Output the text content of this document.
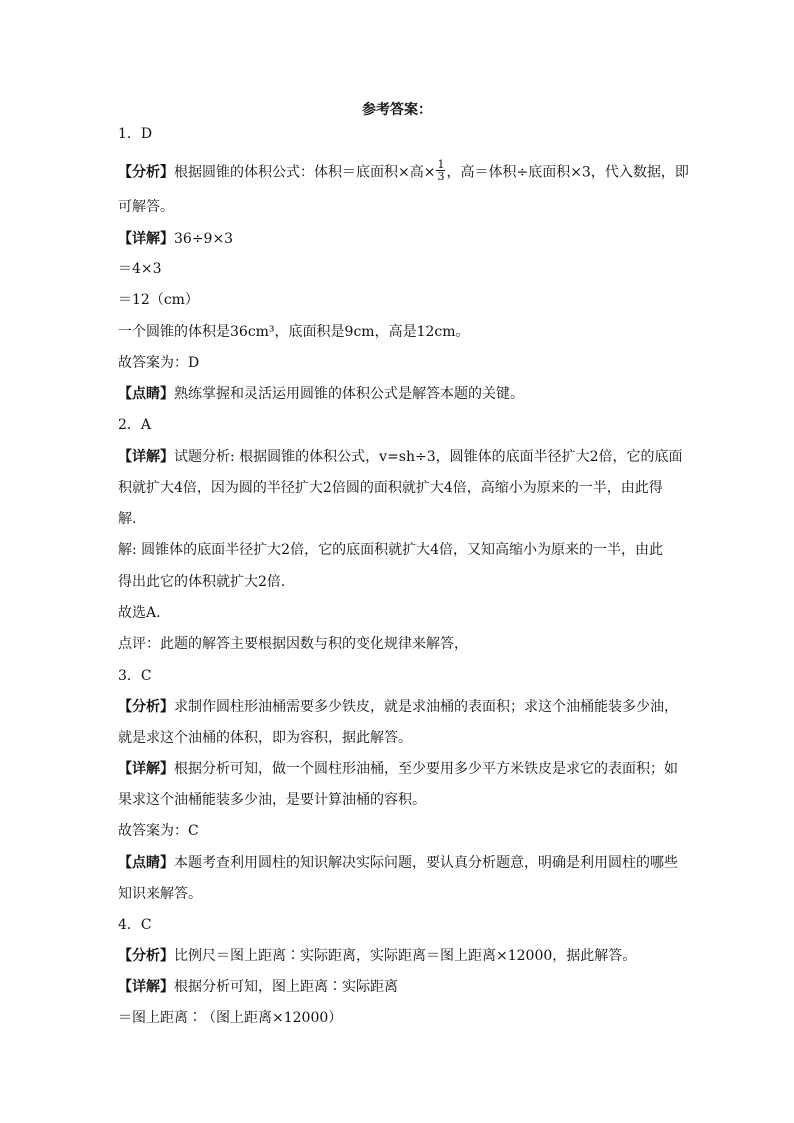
参考答案：
1．D
【分析】根据圆锥的体积公式：体积＝底面积×高× $\frac{1}{3}$ ，高＝体积÷底面积×3，代入数据，即
可解答。
【详解】36÷9×3
＝4×3
＝12（cm）
一个圆锥的体积是36cm³，底面积是9cm，高是12cm。
故答案为：D
【点睛】熟练掌握和灵活运用圆锥的体积公式是解答本题的关键。
2．A
【详解】试题分析: 根据圆锥的体积公式，v=sh÷3，圆锥体的底面半径扩大2倍，它的底面
积就扩大4倍，因为圆的半径扩大2倍圆的面积就扩大4倍，高缩小为原来的一半，由此得
解.
解: 圆锥体的底面半径扩大2倍，它的底面积就扩大4倍，又知高缩小为原来的一半，由此
得出此它的体积就扩大2倍.
故选A.
点评：此题的解答主要根据因数与积的变化规律来解答，
3．C
【分析】求制作圆柱形油桶需要多少铁皮，就是求油桶的表面积；求这个油桶能装多少油，
就是求这个油桶的体积，即为容积，据此解答。
【详解】根据分析可知，做一个圆柱形油桶，至少要用多少平方米铁皮是求它的表面积；如
果求这个油桶能装多少油，是要计算油桶的容积。
故答案为：C
【点睛】本题考查利用圆柱的知识解决实际问题，要认真分析题意，明确是利用圆柱的哪些
知识来解答。
4．C
【分析】比例尺＝图上距离∶实际距离，实际距离＝图上距离×12000，据此解答。
【详解】根据分析可知，图上距离∶实际距离
＝图上距离∶（图上距离×12000）
